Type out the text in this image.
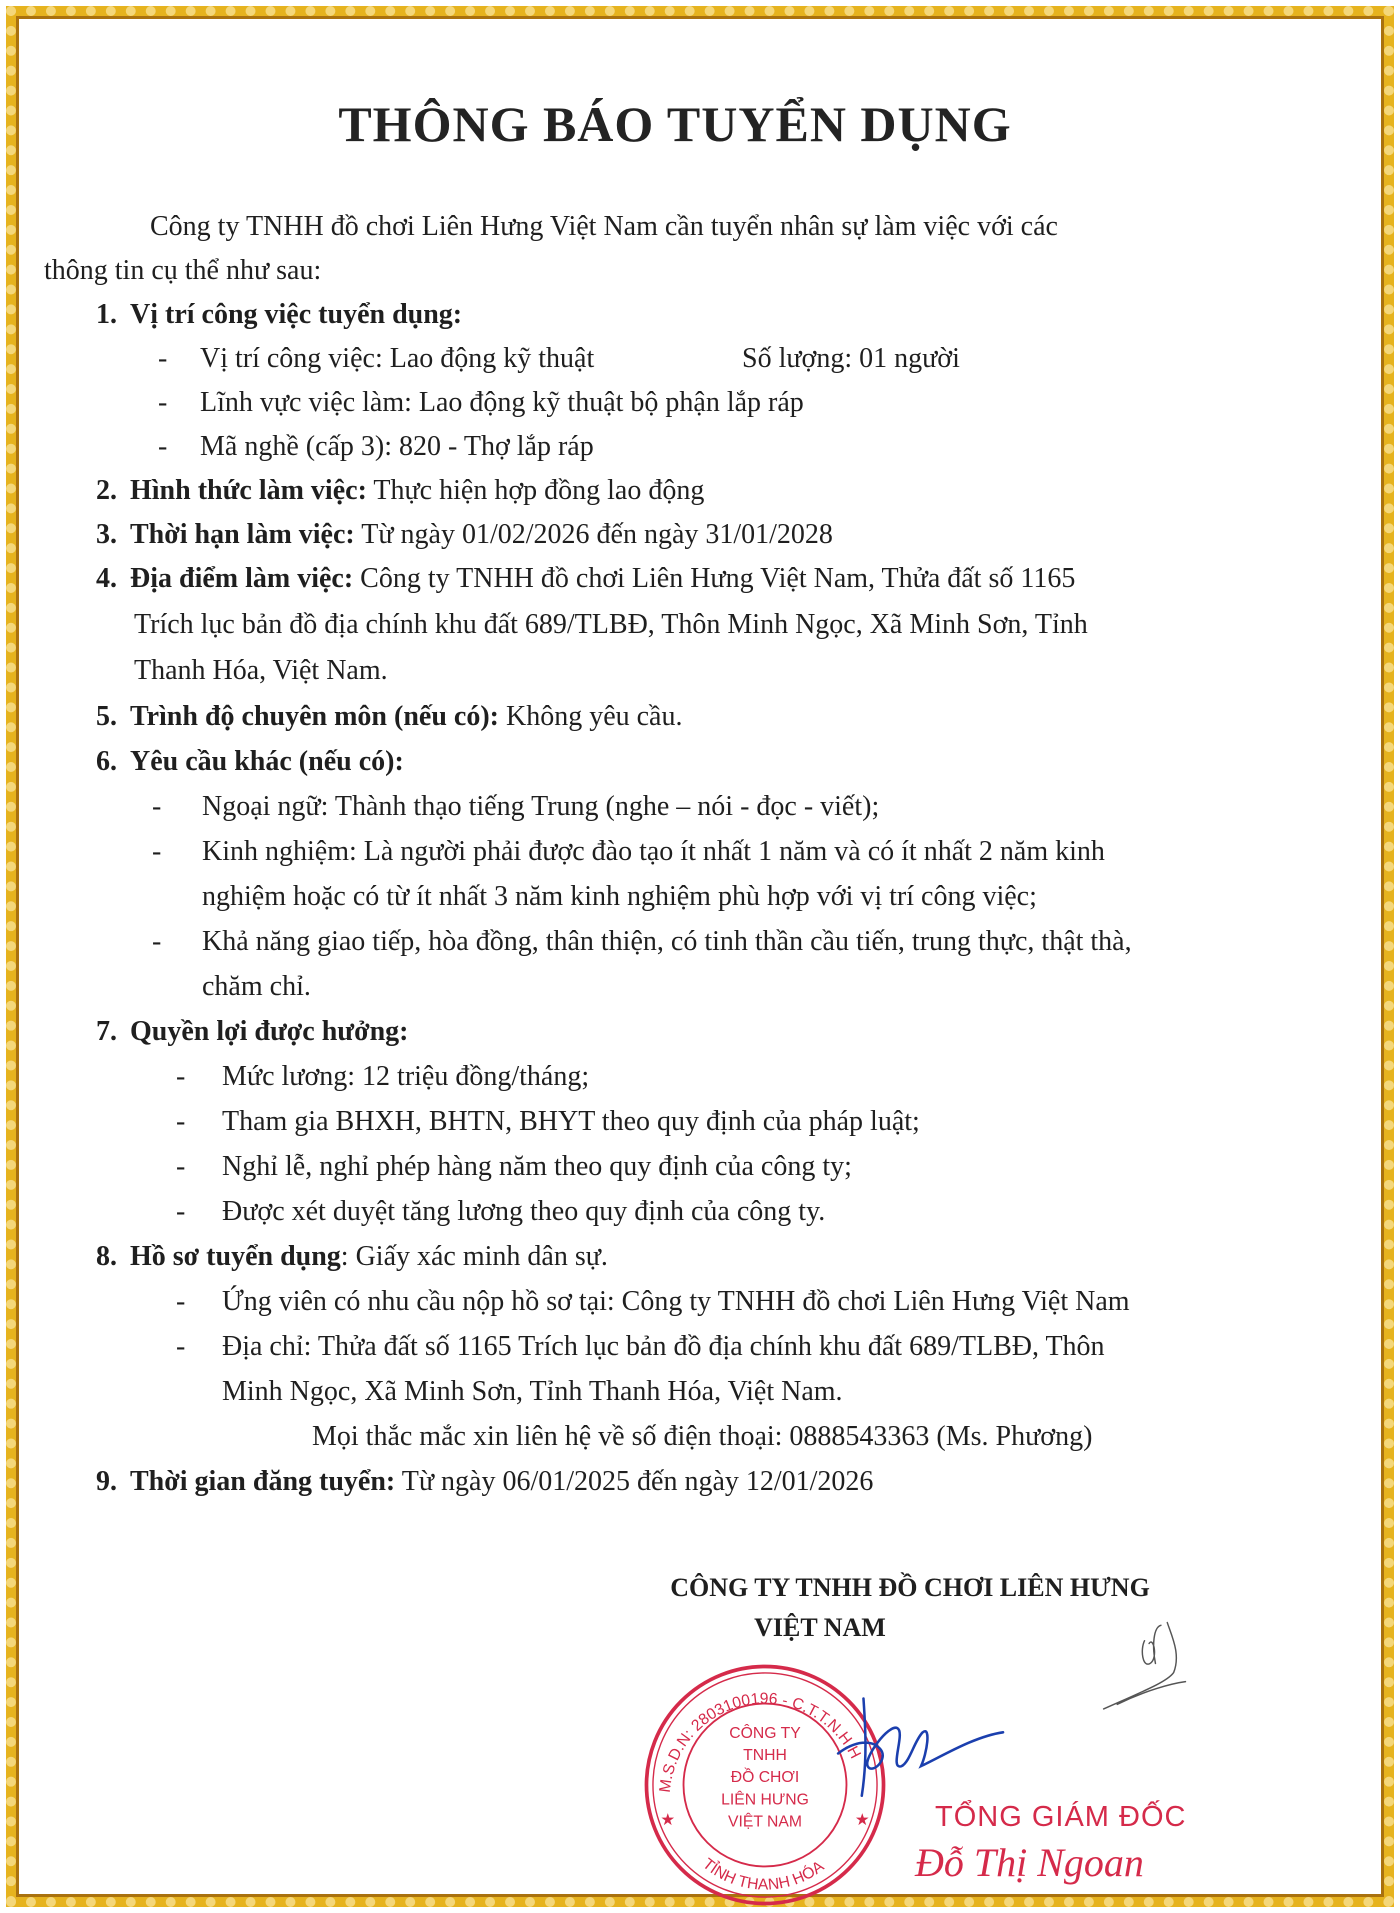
THÔNG BÁO TUYỂN DỤNG
Công ty TNHH đồ chơi Liên Hưng Việt Nam cần tuyển nhân sự làm việc với các
thông tin cụ thể như sau:
1. Vị trí công việc tuyển dụng:
- Vị trí công việc: Lao động kỹ thuật	Số lượng: 01 người
- Lĩnh vực việc làm: Lao động kỹ thuật bộ phận lắp ráp
- Mã nghề (cấp 3): 820 - Thợ lắp ráp
2. Hình thức làm việc: Thực hiện hợp đồng lao động
3. Thời hạn làm việc: Từ ngày 01/02/2026 đến ngày 31/01/2028
4. Địa điểm làm việc: Công ty TNHH đồ chơi Liên Hưng Việt Nam, Thửa đất số 1165
Trích lục bản đồ địa chính khu đất 689/TLBĐ, Thôn Minh Ngọc, Xã Minh Sơn, Tỉnh
Thanh Hóa, Việt Nam.
5. Trình độ chuyên môn (nếu có): Không yêu cầu.
6. Yêu cầu khác (nếu có):
- Ngoại ngữ: Thành thạo tiếng Trung (nghe – nói - đọc - viết);
- Kinh nghiệm: Là người phải được đào tạo ít nhất 1 năm và có ít nhất 2 năm kinh
nghiệm hoặc có từ ít nhất 3 năm kinh nghiệm phù hợp với vị trí công việc;
- Khả năng giao tiếp, hòa đồng, thân thiện, có tinh thần cầu tiến, trung thực, thật thà,
chăm chỉ.
7. Quyền lợi được hưởng:
- Mức lương: 12 triệu đồng/tháng;
- Tham gia BHXH, BHTN, BHYT theo quy định của pháp luật;
- Nghỉ lễ, nghỉ phép hàng năm theo quy định của công ty;
- Được xét duyệt tăng lương theo quy định của công ty.
8. Hồ sơ tuyển dụng: Giấy xác minh dân sự.
- Ứng viên có nhu cầu nộp hồ sơ tại: Công ty TNHH đồ chơi Liên Hưng Việt Nam
- Địa chỉ: Thửa đất số 1165 Trích lục bản đồ địa chính khu đất 689/TLBĐ, Thôn
Minh Ngọc, Xã Minh Sơn, Tỉnh Thanh Hóa, Việt Nam.
Mọi thắc mắc xin liên hệ về số điện thoại: 0888543363 (Ms. Phương)
9. Thời gian đăng tuyển: Từ ngày 06/01/2025 đến ngày 12/01/2026
CÔNG TY TNHH ĐỒ CHƠI LIÊN HƯNG
VIỆT NAM
M.S.D.N: 2803100196 - C.T.T.N.H.H
TỈNH THANH HÓA
★	★
CÔNG TY
TNHH
ĐỒ CHƠI
LIÊN HƯNG
VIỆT NAM	TỔNG GIÁM ĐỐC
Đỗ Thị Ngoan
